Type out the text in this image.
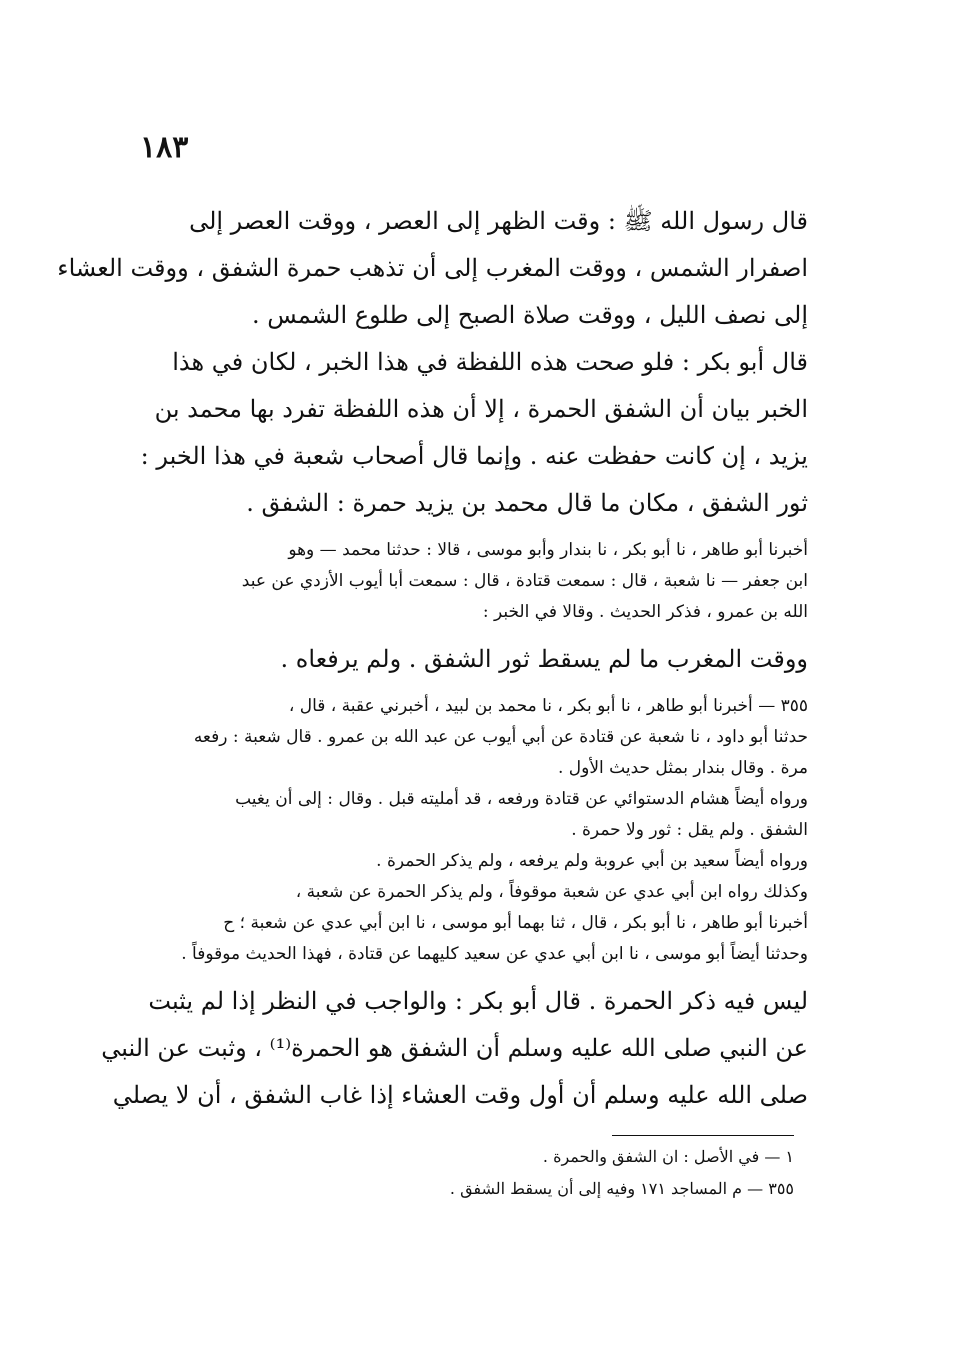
١٨٣
قال رسول الله ﷺ : وقت الظهر إلى العصر ، ووقت العصر إلى
اصفرار الشمس ، ووقت المغرب إلى أن تذهب حمرة الشفق ، ووقت العشاء
إلى نصف الليل ، ووقت صلاة الصبح إلى طلوع الشمس .
قال أبو بكر : فلو صحت هذه اللفظة في هذا الخبر ، لكان في هذا
الخبر بيان أن الشفق الحمرة ، إلا أن هذه اللفظة تفرد بها محمد بن
يزيد ، إن كانت حفظت عنه . وإنما قال أصحاب شعبة في هذا الخبر :
ثور الشفق ، مكان ما قال محمد بن يزيد حمرة : الشفق .
أخبرنا أبو طاهر ، نا أبو بكر ، نا بندار وأبو موسى ، قالا : حدثنا محمد — وهو
ابن جعفر — نا شعبة ، قال : سمعت قتادة ، قال : سمعت أبا أيوب الأزدي عن عبد
الله بن عمرو ، فذكر الحديث . وقالا في الخبر :
ووقت المغرب ما لم يسقط ثور الشفق . ولم يرفعاه .
٣٥٥ — أخبرنا أبو طاهر ، نا أبو بكر ، نا محمد بن لبيد ، أخبرني عقبة ، قال ،
حدثنا أبو داود ، نا شعبة عن قتادة عن أبي أيوب عن عبد الله بن عمرو . قال شعبة : رفعه
مرة . وقال بندار بمثل حديث الأول .
ورواه أيضاً هشام الدستوائي عن قتادة ورفعه ، قد أمليته قبل . وقال : إلى أن يغيب
الشفق . ولم يقل : ثور ولا حمرة .
ورواه أيضاً سعيد بن أبي عروبة ولم يرفعه ، ولم يذكر الحمرة .
وكذلك رواه ابن أبي عدي عن شعبة موقوفاً ، ولم يذكر الحمرة عن شعبة ،
أخبرنا أبو طاهر ، نا أبو بكر ، قال ، ثنا بهما أبو موسى ، نا ابن أبي عدي عن شعبة ؛ ح
وحدثنا أيضاً أبو موسى ، نا ابن أبي عدي عن سعيد كليهما عن قتادة ، فهذا الحديث موقوفاً .
ليس فيه ذكر الحمرة . قال أبو بكر : والواجب في النظر إذا لم يثبت
عن النبي صلى الله عليه وسلم أن الشفق هو الحمرة⁽¹⁾ ، وثبت عن النبي
صلى الله عليه وسلم أن أول وقت العشاء إذا غاب الشفق ، أن لا يصلي
١ — في الأصل : ان الشفق والحمرة .
٣٥٥ — م المساجد ١٧١ وفيه إلى أن يسقط الشفق .
